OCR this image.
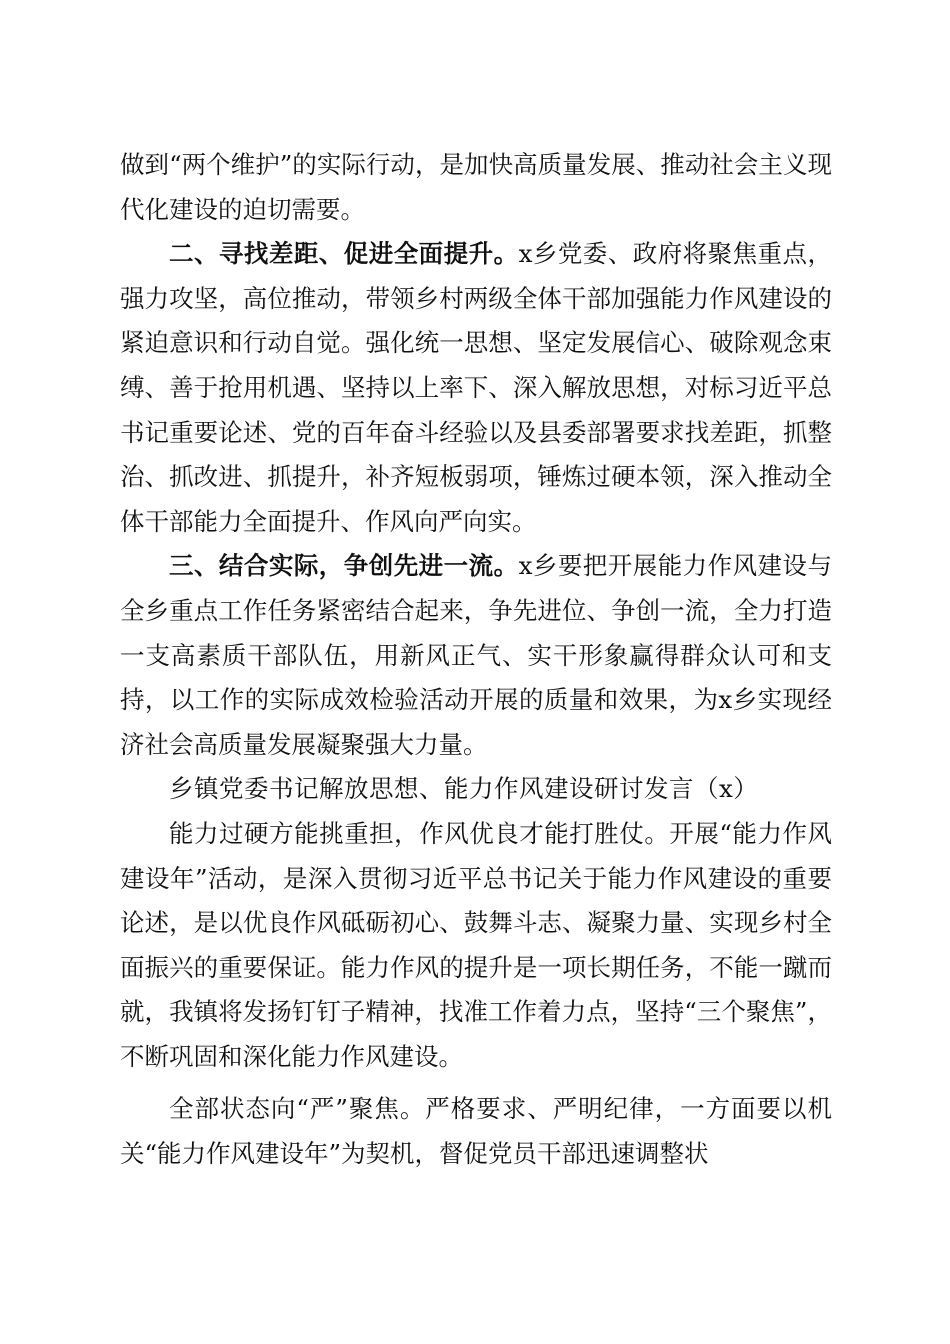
做到“两个维护”的实际行动，是加快高质量发展、推动社会主义现代化建设的迫切需要。

二、寻找差距、促进全面提升。x乡党委、政府将聚焦重点，强力攻坚，高位推动，带领乡村两级全体干部加强能力作风建设的紧迫意识和行动自觉。强化统一思想、坚定发展信心、破除观念束缚、善于抢用机遇、坚持以上率下、深入解放思想，对标习近平总书记重要论述、党的百年奋斗经验以及县委部署要求找差距，抓整治、抓改进、抓提升，补齐短板弱项，锤炼过硬本领，深入推动全体干部能力全面提升、作风向严向实。

三、结合实际，争创先进一流。x乡要把开展能力作风建设与全乡重点工作任务紧密结合起来，争先进位、争创一流，全力打造一支高素质干部队伍，用新风正气、实干形象赢得群众认可和支持，以工作的实际成效检验活动开展的质量和效果，为x乡实现经济社会高质量发展凝聚强大力量。

乡镇党委书记解放思想、能力作风建设研讨发言（x）

能力过硬方能挑重担，作风优良才能打胜仗。开展“能力作风建设年”活动，是深入贯彻习近平总书记关于能力作风建设的重要论述，是以优良作风砥砺初心、鼓舞斗志、凝聚力量、实现乡村全面振兴的重要保证。能力作风的提升是一项长期任务，不能一蹴而就，我镇将发扬钉钉子精神，找准工作着力点，坚持“三个聚焦”，不断巩固和深化能力作风建设。

全部状态向“严”聚焦。严格要求、严明纪律，一方面要以机关“能力作风建设年”为契机，督促党员干部迅速调整状
